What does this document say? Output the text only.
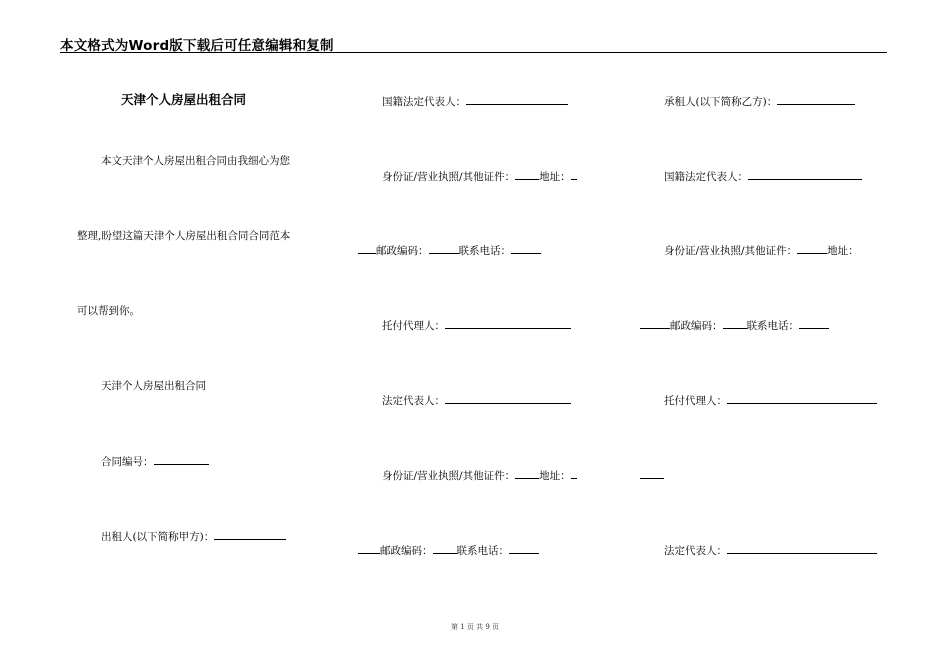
本文格式为Word版下载后可任意编辑和复制
天津个人房屋出租合同
本文天津个人房屋出租合同由我细心为您
整理,盼望这篇天津个人房屋出租合同合同范本
可以帮到你。
天津个人房屋出租合同
合同编号：
出租人(以下简称甲方)：
国籍法定代表人：
身份证/营业执照/其他证件： 地址：
邮政编码：	联系电话：
托付代理人：
法定代表人：
身份证/营业执照/其他证件： 地址：
邮政编码： 联系电话：
承租人(以下简称乙方)：
国籍法定代表人：
身份证/营业执照/其他证件：	地址：
邮政编码： 联系电话：
托付代理人：
法定代表人：
第 1 页 共 9 页
